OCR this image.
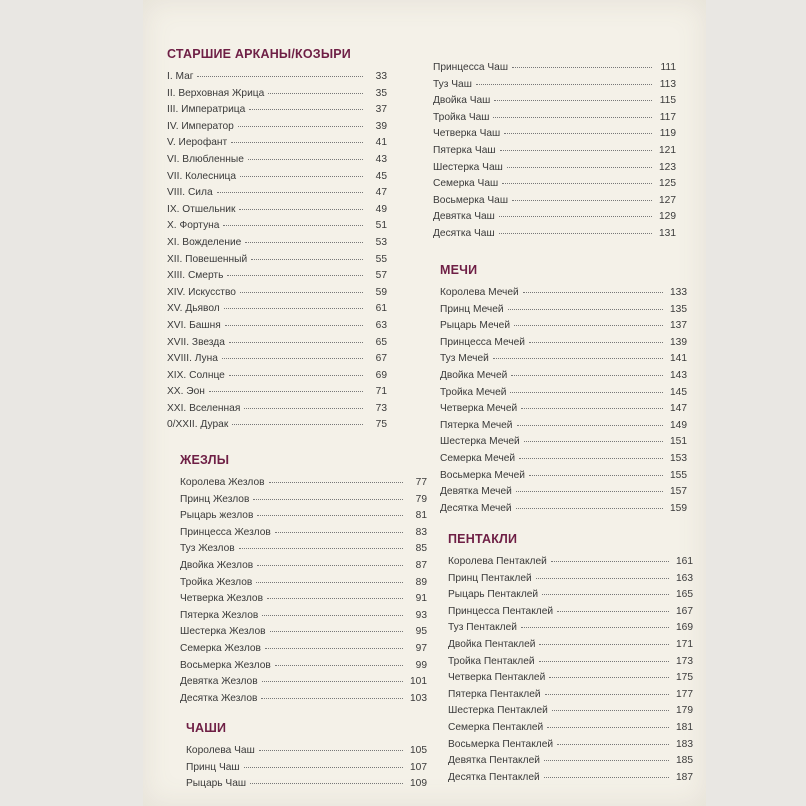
СТАРШИЕ АРКАНЫ/КОЗЫРИ
I. Маг	33
II. Верховная Жрица	35
III. Императрица	37
IV. Император	39
V. Иерофант	41
VI. Влюбленные	43
VII. Колесница	45
VIII. Сила	47
IX. Отшельник	49
X. Фортуна	51
XI. Вожделение	53
XII. Повешенный	55
XIII. Смерть	57
XIV. Искусство	59
XV. Дьявол	61
XVI. Башня	63
XVII. Звезда	65
XVIII. Луна	67
XIX. Солнце	69
XX. Эон	71
XXI. Вселенная	73
0/XXII. Дурак	75
ЖЕЗЛЫ
Королева Жезлов	77
Принц Жезлов	79
Рыцарь жезлов	81
Принцесса Жезлов	83
Туз Жезлов	85
Двойка Жезлов	87
Тройка Жезлов	89
Четверка Жезлов	91
Пятерка Жезлов	93
Шестерка Жезлов	95
Семерка Жезлов	97
Восьмерка Жезлов	99
Девятка Жезлов	101
Десятка Жезлов	103
ЧАШИ
Королева Чаш	105
Принц Чаш	107
Рыцарь Чаш	109
Принцесса Чаш	111
Туз Чаш	113
Двойка Чаш	115
Тройка Чаш	117
Четверка Чаш	119
Пятерка Чаш	121
Шестерка Чаш	123
Семерка Чаш	125
Восьмерка Чаш	127
Девятка Чаш	129
Десятка Чаш	131
МЕЧИ
Королева Мечей	133
Принц Мечей	135
Рыцарь Мечей	137
Принцесса Мечей	139
Туз Мечей	141
Двойка Мечей	143
Тройка Мечей	145
Четверка Мечей	147
Пятерка Мечей	149
Шестерка Мечей	151
Семерка Мечей	153
Восьмерка Мечей	155
Девятка Мечей	157
Десятка Мечей	159
ПЕНТАКЛИ
Королева Пентаклей	161
Принц Пентаклей	163
Рыцарь Пентаклей	165
Принцесса Пентаклей	167
Туз Пентаклей	169
Двойка Пентаклей	171
Тройка Пентаклей	173
Четверка Пентаклей	175
Пятерка Пентаклей	177
Шестерка Пентаклей	179
Семерка Пентаклей	181
Восьмерка Пентаклей	183
Девятка Пентаклей	185
Десятка Пентаклей	187
